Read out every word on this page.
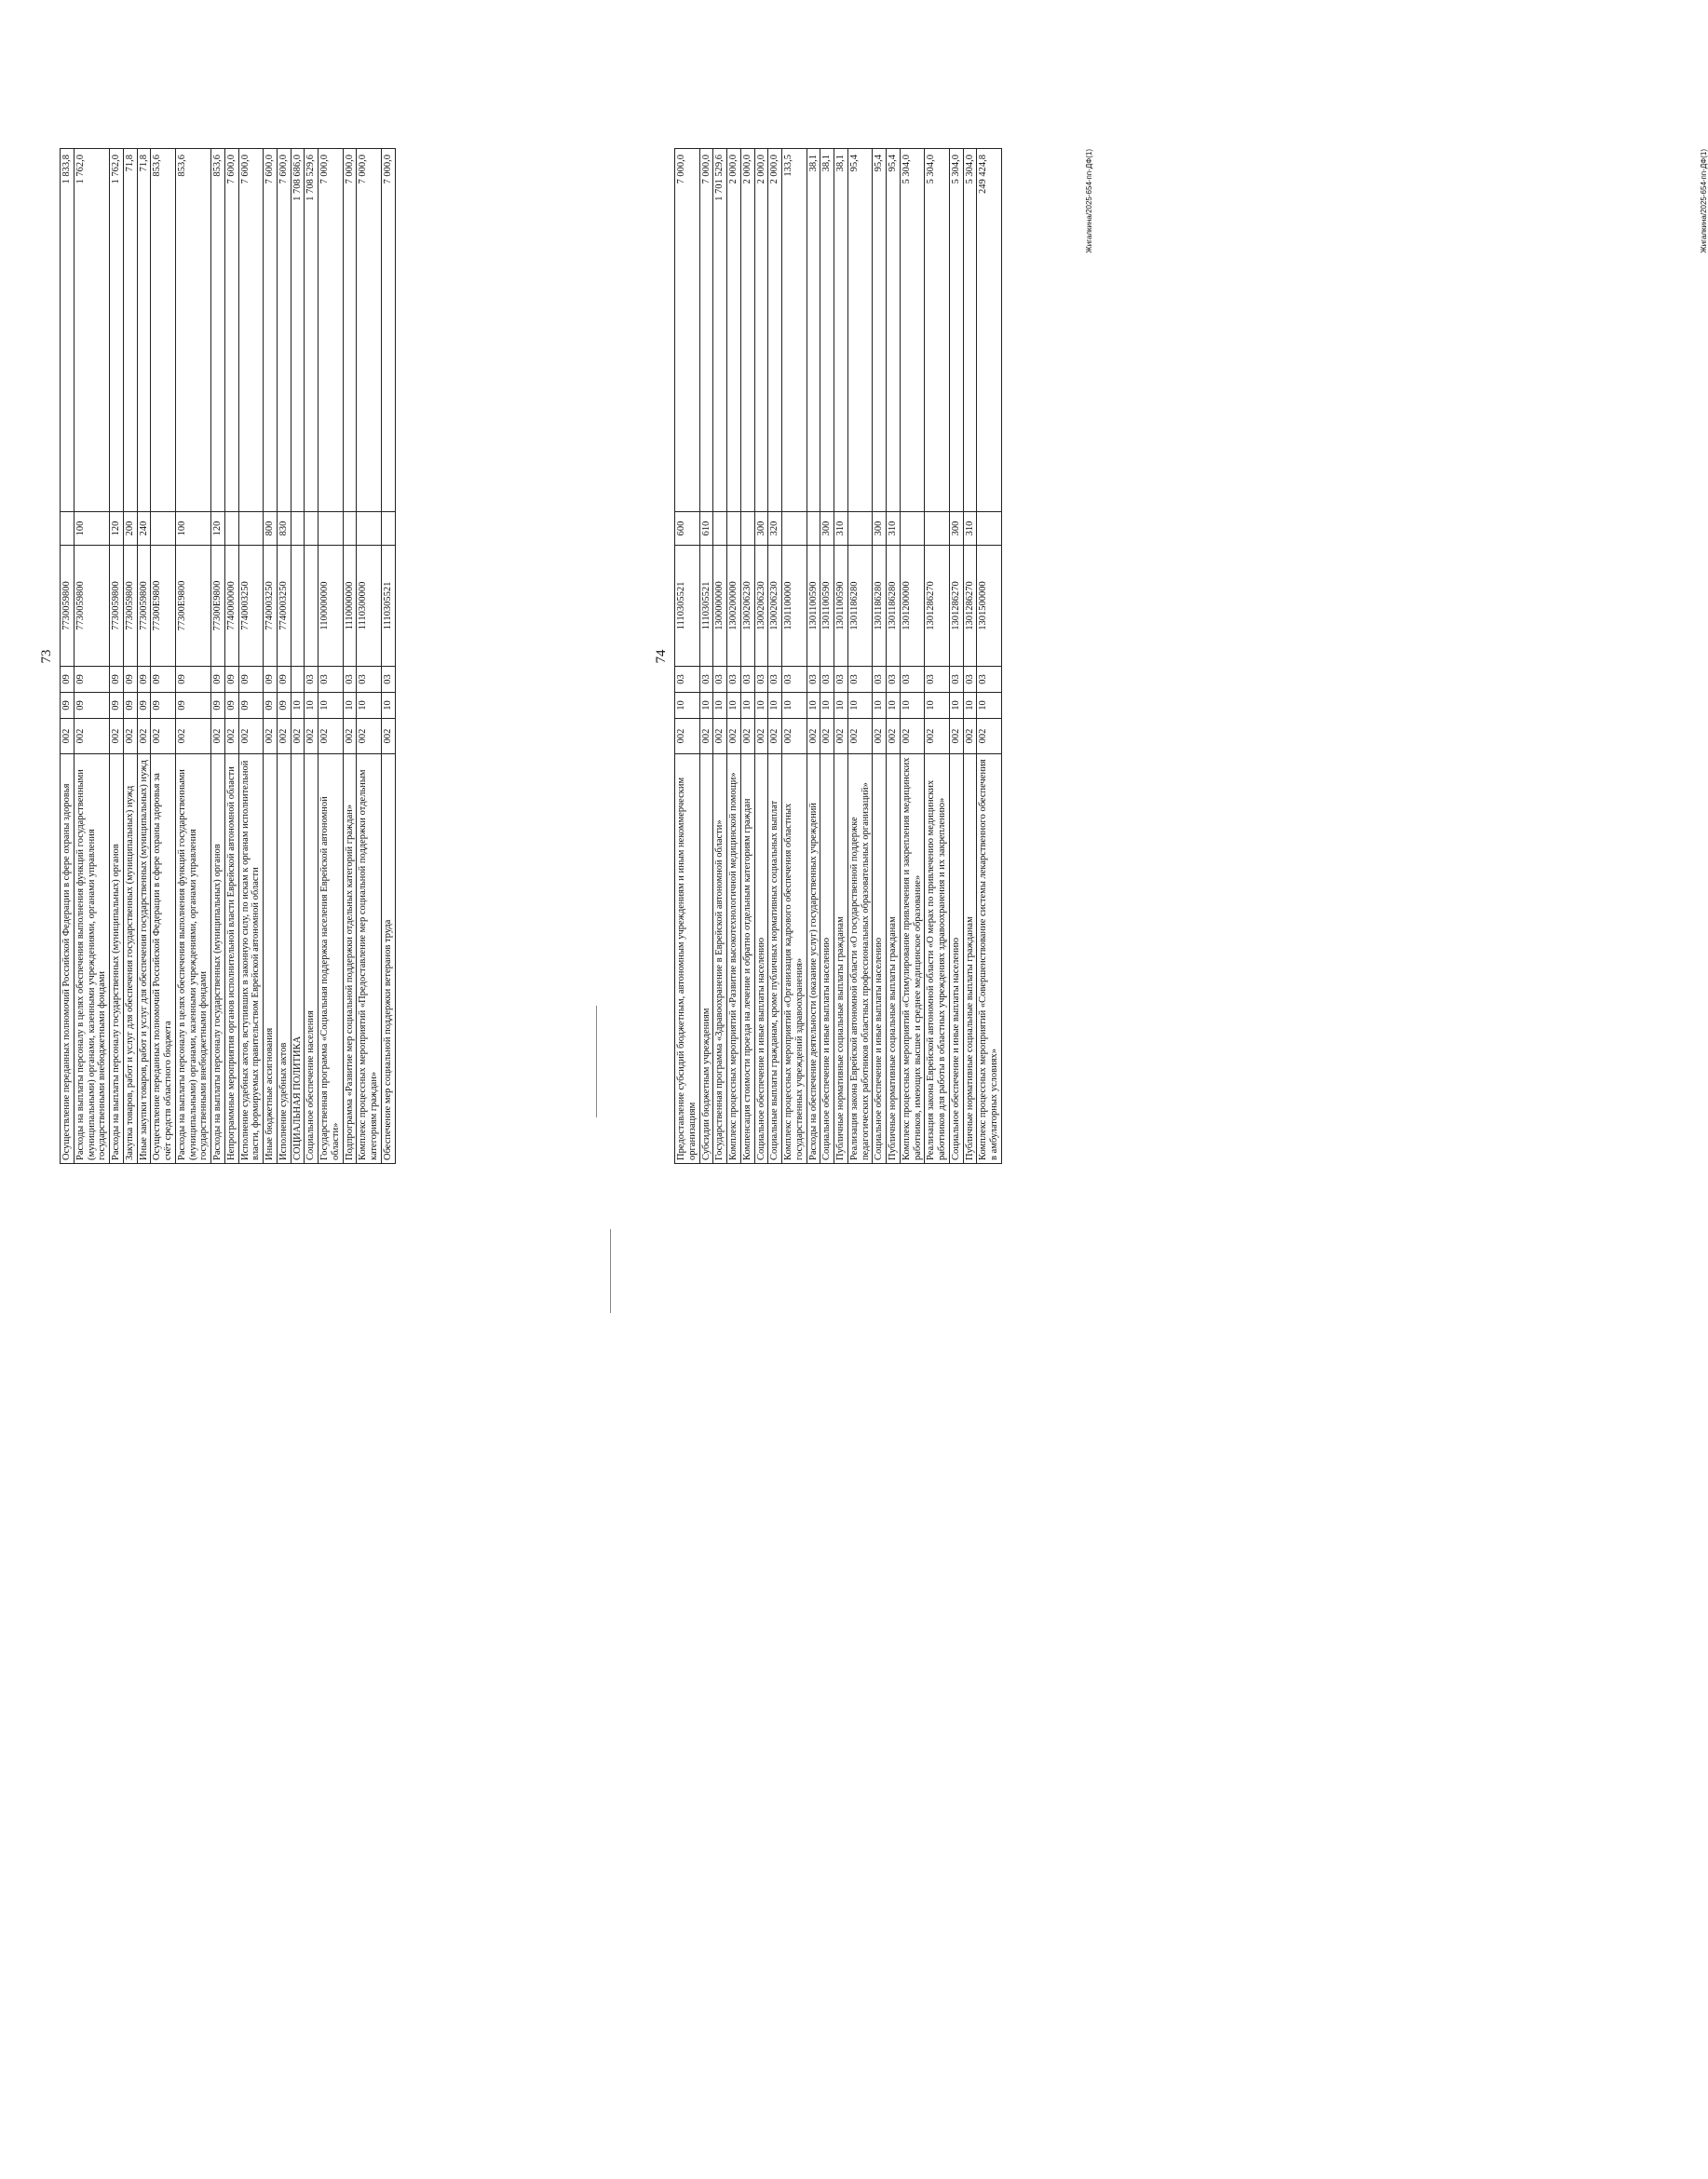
73
Осуществление переданных полномочий Российской Федерации в сфере охраны здоровья	002	09	09	7730059800		1 833,8
Расходы на выплаты персоналу в целях обеспечения выполнения функций государственными (муниципальными) органами, казенными учреждениями, органами управления государственными внебюджетными фондами	002	09	09	7730059800	100	1 762,0
Расходы на выплаты персоналу государственных (муниципальных) органов	002	09	09	7730059800	120	1 762,0
Закупка товаров, работ и услуг для обеспечения государственных (муниципальных) нужд	002	09	09	7730059800	200	71,8
Иные закупки товаров, работ и услуг для обеспечения государственных (муниципальных) нужд	002	09	09	7730059800	240	71,8
Осуществление переданных полномочий Российской Федерации в сфере охраны здоровья за счёт средств областного бюджета	002	09	09	77300E9800		853,6
Расходы на выплаты персоналу в целях обеспечения выполнения функций государственными (муниципальными) органами, казенными учреждениями, органами управления государственными внебюджетными фондами	002	09	09	77300E9800	100	853,6
Расходы на выплаты персоналу государственных (муниципальных) органов	002	09	09	77300E9800	120	853,6
Непрограммные мероприятия органов исполнительной власти Еврейской автономной области	002	09	09	7740000000		7 600,0
Исполнение судебных актов, вступивших в законную силу, по искам к органам исполнительной власти, формируемых правительством Еврейской автономной области	002	09	09	7740003250		7 600,0
Иные бюджетные ассигнования	002	09	09	7740003250	800	7 600,0
Исполнение судебных актов	002	09	09	7740003250	830	7 600,0
СОЦИАЛЬНАЯ ПОЛИТИКА	002	10				1 708 686,0
Социальное обеспечение населения	002	10	03			1 708 529,6
Государственная программа «Социальная поддержка населения Еврейской автономной области»	002	10	03	1100000000		7 000,0
Подпрограмма «Развитие мер социальной поддержки отдельных категорий граждан»	002	10	03	1110000000		7 000,0
Комплекс процессных мероприятий «Предоставление мер социальной поддержки отдельным категориям граждан»	002	10	03	1110300000		7 000,0
Обеспечение мер социальной поддержки ветеранов труда	002	10	03	1110305521		7 000,0	Жигалкина/2025-654-пп-ДФ(1)
74
Предоставление субсидий бюджетным, автономным учреждениям и иным некоммерческим организациям	002	10	03	1110305521	600	7 000,0
Субсидии бюджетным учреждениям	002	10	03	1110305521	610	7 000,0
Государственная программа «Здравоохранение в Еврейской автономной области»	002	10	03	1300000000		1 701 529,6
Комплекс процессных мероприятий «Развитие высокотехнологичной медицинской помощи»	002	10	03	1300200000		2 000,0
Компенсация стоимости проезда на лечение и обратно отдельным категориям граждан	002	10	03	1300206230		2 000,0
Социальное обеспечение и иные выплаты населению	002	10	03	1300206230	300	2 000,0
Социальные выплаты гражданам, кроме публичных нормативных социальных выплат	002	10	03	1300206230	320	2 000,0
Комплекс процессных мероприятий «Организация кадрового обеспечения областных государственных учреждений здравоохранения»	002	10	03	1301100000		133,5
Расходы на обеспечение деятельности (оказание услуг) государственных учреждений	002	10	03	1301100590		38,1
Социальное обеспечение и иные выплаты населению	002	10	03	1301100590	300	38,1
Публичные нормативные социальные выплаты гражданам	002	10	03	1301100590	310	38,1
Реализация закона Еврейской автономной области «О государственной поддержке педагогических работников областных профессиональных образовательных организаций»	002	10	03	1301186280		95,4
Социальное обеспечение и иные выплаты населению	002	10	03	1301186280	300	95,4
Публичные нормативные социальные выплаты гражданам	002	10	03	1301186280	310	95,4
Комплекс процессных мероприятий «Стимулирование привлечения и закрепления медицинских работников, имеющих высшее и среднее медицинское образование»	002	10	03	1301200000		5 304,0
Реализация закона Еврейской автономной области «О мерах по привлечению медицинских работников для работы в областных учреждениях здравоохранения и их закреплению»	002	10	03	1301286270		5 304,0
Социальное обеспечение и иные выплаты населению	002	10	03	1301286270	300	5 304,0
Публичные нормативные социальные выплаты гражданам	002	10	03	1301286270	310	5 304,0
Комплекс процессных мероприятий «Совершенствование системы лекарственного обеспечения в амбулаторных условиях»	002	10	03	1301500000		249 424,8	Жигалкина/2025-654-пп-ДФ(1)
